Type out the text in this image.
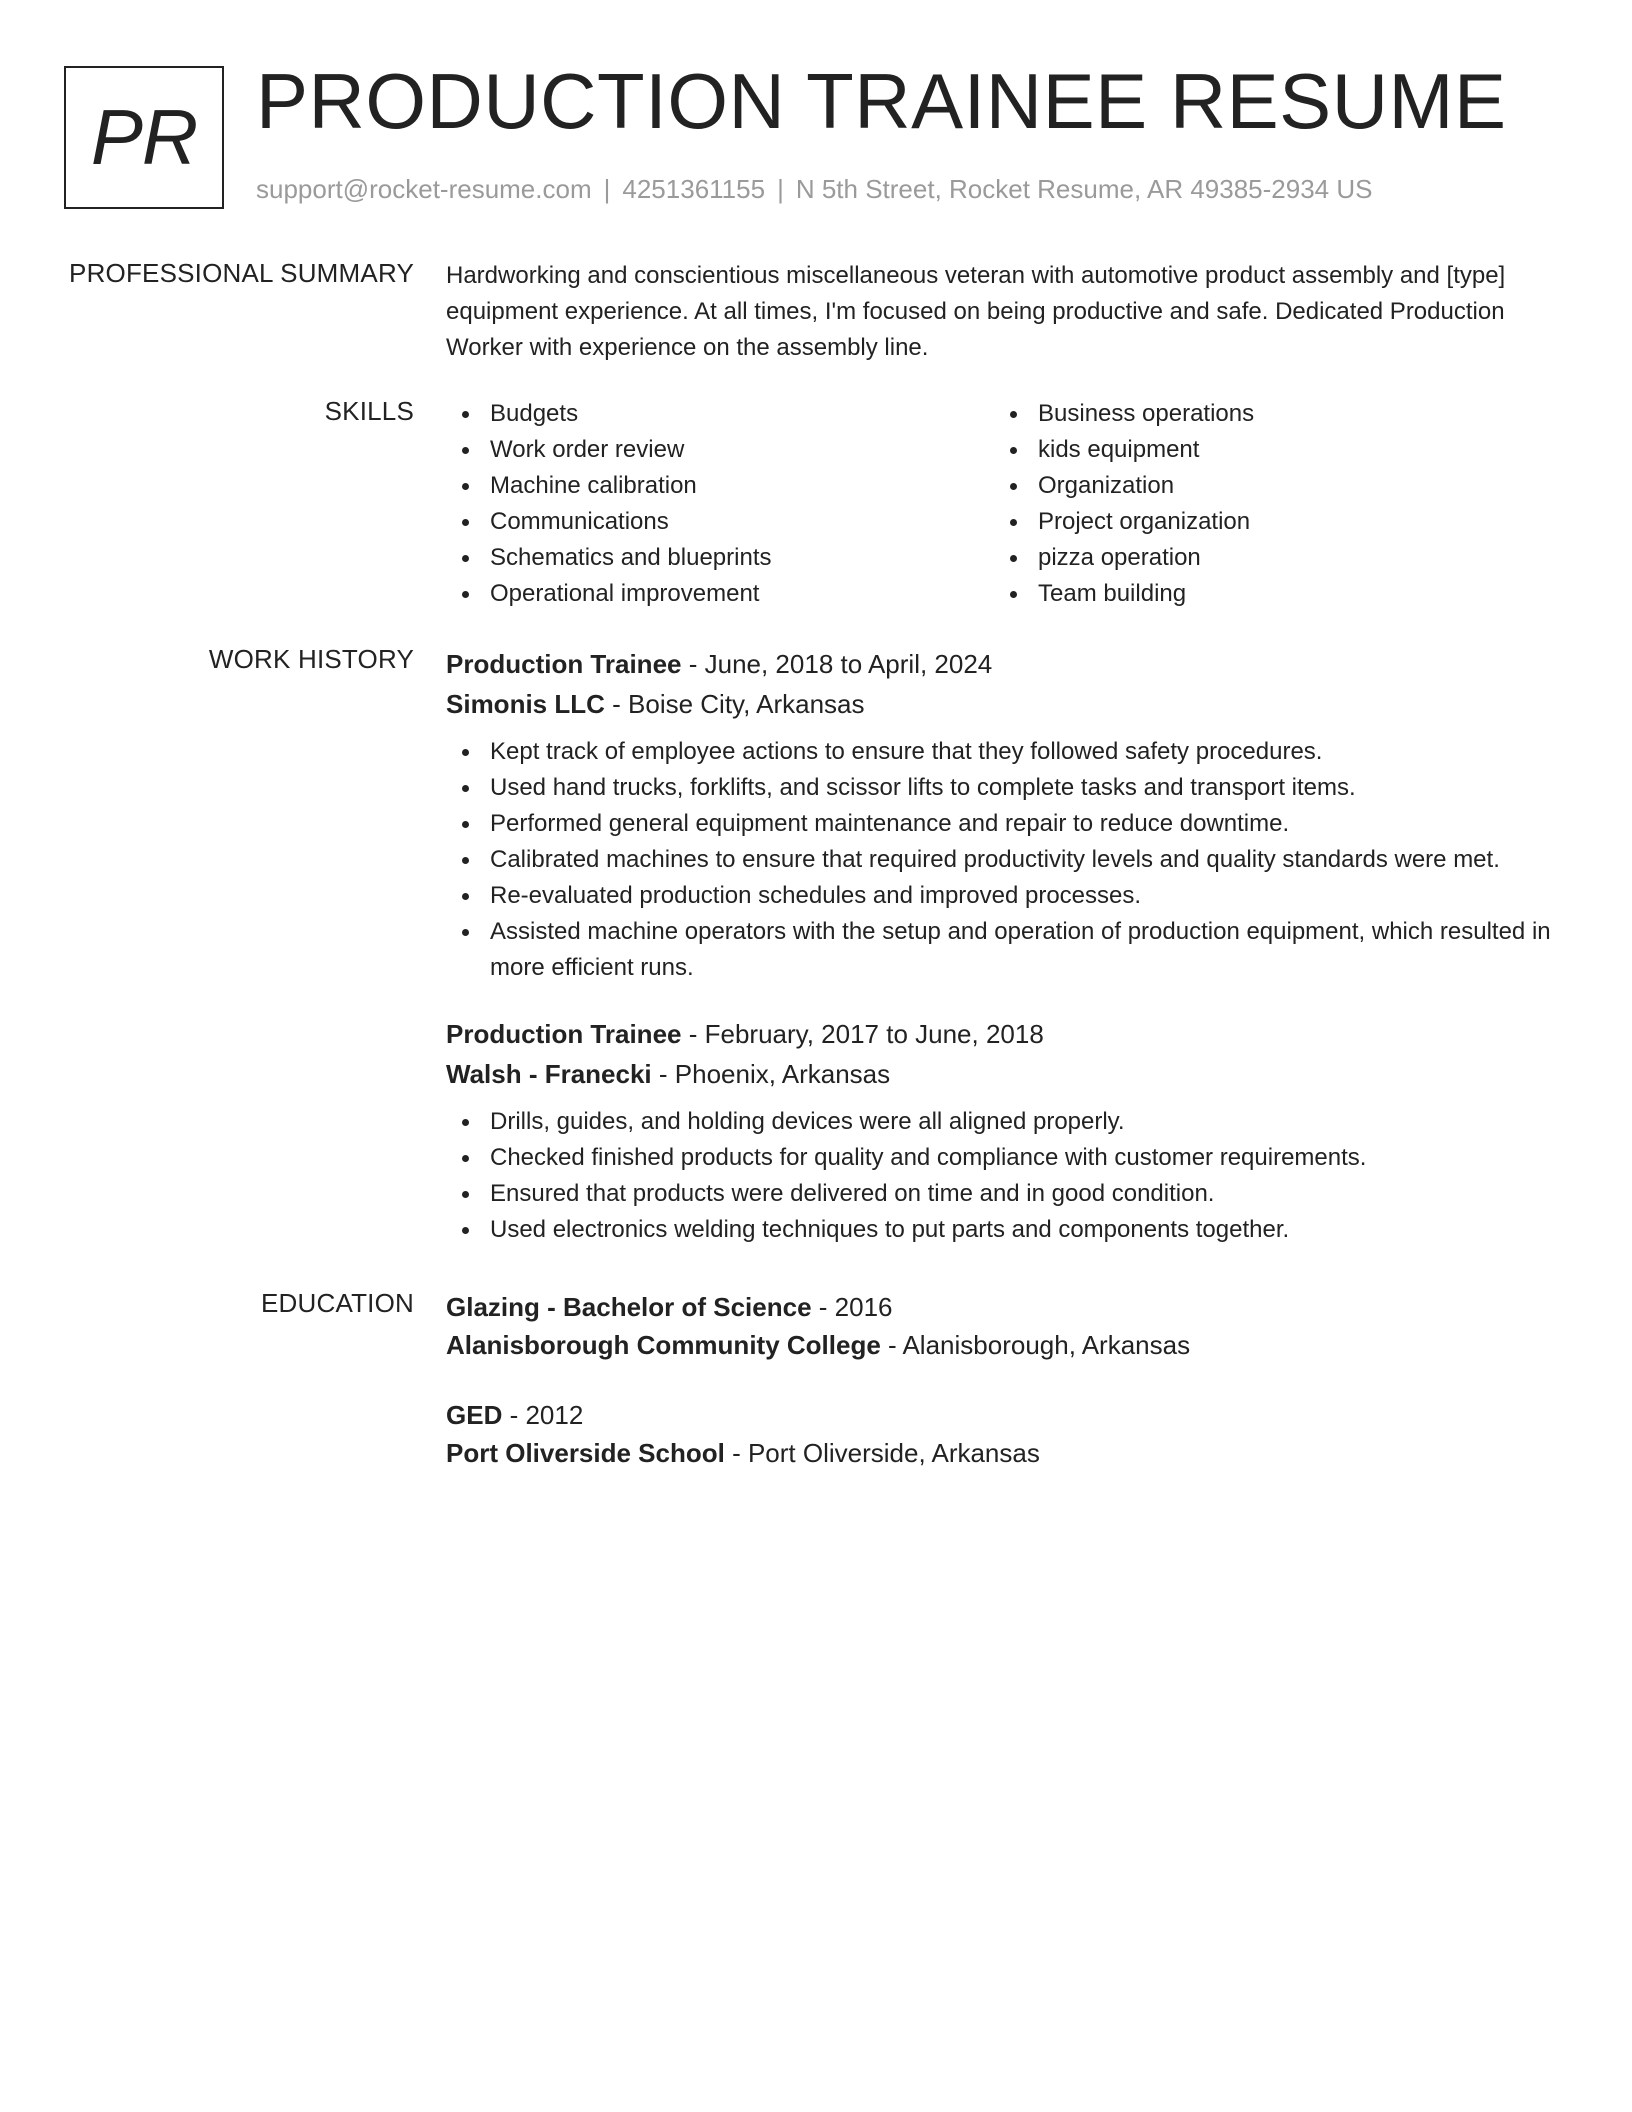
PR PRODUCTION TRAINEE RESUME
support@rocket-resume.com | 4251361155 | N 5th Street, Rocket Resume, AR 49385-2934 US
PROFESSIONAL SUMMARY Hardworking and conscientious miscellaneous veteran with automotive product assembly and [type] equipment experience. At all times, I'm focused on being productive and safe. Dedicated Production Worker with experience on the assembly line.

SKILLS	Budgets
Work order review
Machine calibration
Communications
Schematics and blueprints
Operational improvement
Business operations
kids equipment
Organization
Project organization
pizza operation
Team building
WORK HISTORY Production Trainee - June, 2018 to April, 2024
Simonis LLC - Boise City, Arkansas
Kept track of employee actions to ensure that they followed safety procedures.
Used hand trucks, forklifts, and scissor lifts to complete tasks and transport items.
Performed general equipment maintenance and repair to reduce downtime.
Calibrated machines to ensure that required productivity levels and quality standards were met.
Re-evaluated production schedules and improved processes.
Assisted machine operators with the setup and operation of production equipment, which resulted in more efficient runs.
Production Trainee - February, 2017 to June, 2018
Walsh - Franecki - Phoenix, Arkansas
Drills, guides, and holding devices were all aligned properly.
Checked finished products for quality and compliance with customer requirements.
Ensured that products were delivered on time and in good condition.
Used electronics welding techniques to put parts and components together.
EDUCATION Glazing - Bachelor of Science - 2016
Alanisborough Community College - Alanisborough, Arkansas
GED - 2012
Port Oliverside School - Port Oliverside, Arkansas
